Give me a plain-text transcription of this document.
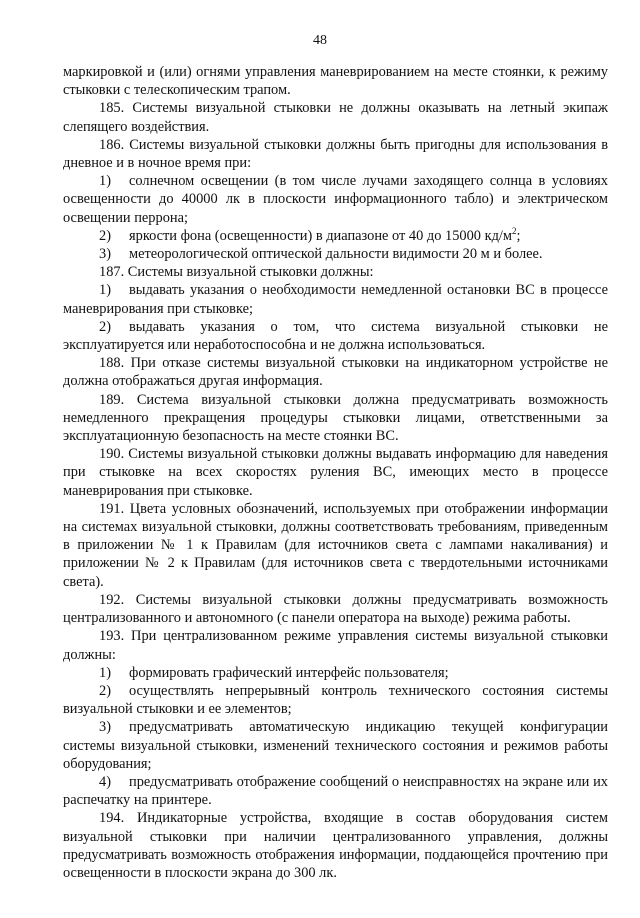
48

маркировкой и (или) огнями управления маневрированием на месте стоянки, к режиму стыковки с телескопическим трапом.

185. Системы визуальной стыковки не должны оказывать на летный экипаж слепящего воздействия.

186. Системы визуальной стыковки должны быть пригодны для использования в дневное и в ночное время при:

1) солнечном освещении (в том числе лучами заходящего солнца в условиях освещенности до 40000 лк в плоскости информационного табло) и электрическом освещении перрона;

2) яркости фона (освещенности) в диапазоне от 40 до 15000 $кд/м^2$;

3) метеорологической оптической дальности видимости 20 м и более.

187. Системы визуальной стыковки должны:

1) выдавать указания о необходимости немедленной остановки ВС в процессе маневрирования при стыковке;

2) выдавать указания о том, что система визуальной стыковки не эксплуатируется или неработоспособна и не должна использоваться.

188. При отказе системы визуальной стыковки на индикаторном устройстве не должна отображаться другая информация.

189. Система визуальной стыковки должна предусматривать возможность немедленного прекращения процедуры стыковки лицами, ответственными за эксплуатационную безопасность на месте стоянки ВС.

190. Системы визуальной стыковки должны выдавать информацию для наведения при стыковке на всех скоростях руления ВС, имеющих место в процессе маневрирования при стыковке.

191. Цвета условных обозначений, используемых при отображении информации на системах визуальной стыковки, должны соответствовать требованиям, приведенным в приложении № 1 к Правилам (для источников света с лампами накаливания) и приложении № 2 к Правилам (для источников света с твердотельными источниками света).

192. Системы визуальной стыковки должны предусматривать возможность централизованного и автономного (с панели оператора на выходе) режима работы.

193. При централизованном режиме управления системы визуальной стыковки должны:

1) формировать графический интерфейс пользователя;

2) осуществлять непрерывный контроль технического состояния системы визуальной стыковки и ее элементов;

3) предусматривать автоматическую индикацию текущей конфигурации системы визуальной стыковки, изменений технического состояния и режимов работы оборудования;

4) предусматривать отображение сообщений о неисправностях на экране или их распечатку на принтере.

194. Индикаторные устройства, входящие в состав оборудования систем визуальной стыковки при наличии централизованного управления, должны предусматривать возможность отображения информации, поддающейся прочтению при освещенности в плоскости экрана до 300 лк.
